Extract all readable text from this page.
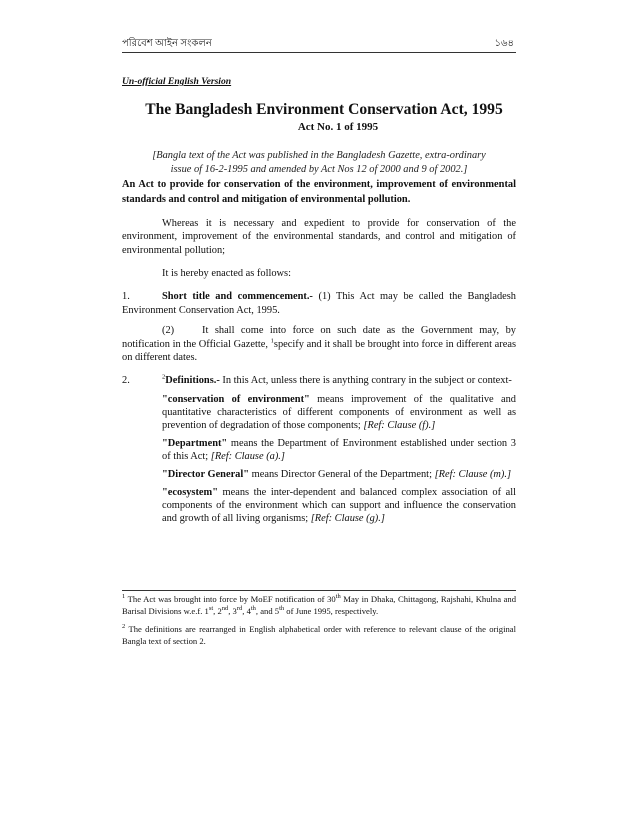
পরিবেশ আইন সংকলন	১৬৪

Un-official English Version

The Bangladesh Environment Conservation Act, 1995
Act No. 1 of 1995
[Bangla text of the Act was published in the Bangladesh Gazette, extra-ordinary
issue of 16-2-1995 and amended by Act Nos 12 of 2000 and 9 of 2002.]

An Act to provide for conservation of the environment, improvement of environmental standards and control and mitigation of environmental pollution.

Whereas it is necessary and expedient to provide for conservation of the environment, improvement of the environmental standards, and control and mitigation of environmental pollution;

It is hereby enacted as follows:

1.	Short title and commencement.- (1) This Act may be called the Bangladesh Environment Conservation Act, 1995.

(2)	It shall come into force on such date as the Government may, by notification in the Official Gazette, $^1$specify and it shall be brought into force in different areas on different dates.

2.	$^2$Definitions.- In this Act, unless there is anything contrary in the subject or context-

"conservation of environment" means improvement of the qualitative and quantitative characteristics of different components of environment as well as prevention of degradation of those components; [Ref: Clause (f).]

"Department" means the Department of Environment established under section 3 of this Act; [Ref: Clause (a).]

"Director General" means Director General of the Department; [Ref: Clause (m).]

"ecosystem" means the inter-dependent and balanced complex association of all components of the environment which can support and influence the conservation and growth of all living organisms; [Ref: Clause (g).]

$^1$ The Act was brought into force by MoEF notification of 30th May in Dhaka, Chittagong, Rajshahi, Khulna and Barisal Divisions w.e.f. 1st, 2nd, 3rd, 4th, and 5th of June 1995, respectively.

$^2$ The definitions are rearranged in English alphabetical order with reference to relevant clause of the original Bangla text of section 2.
